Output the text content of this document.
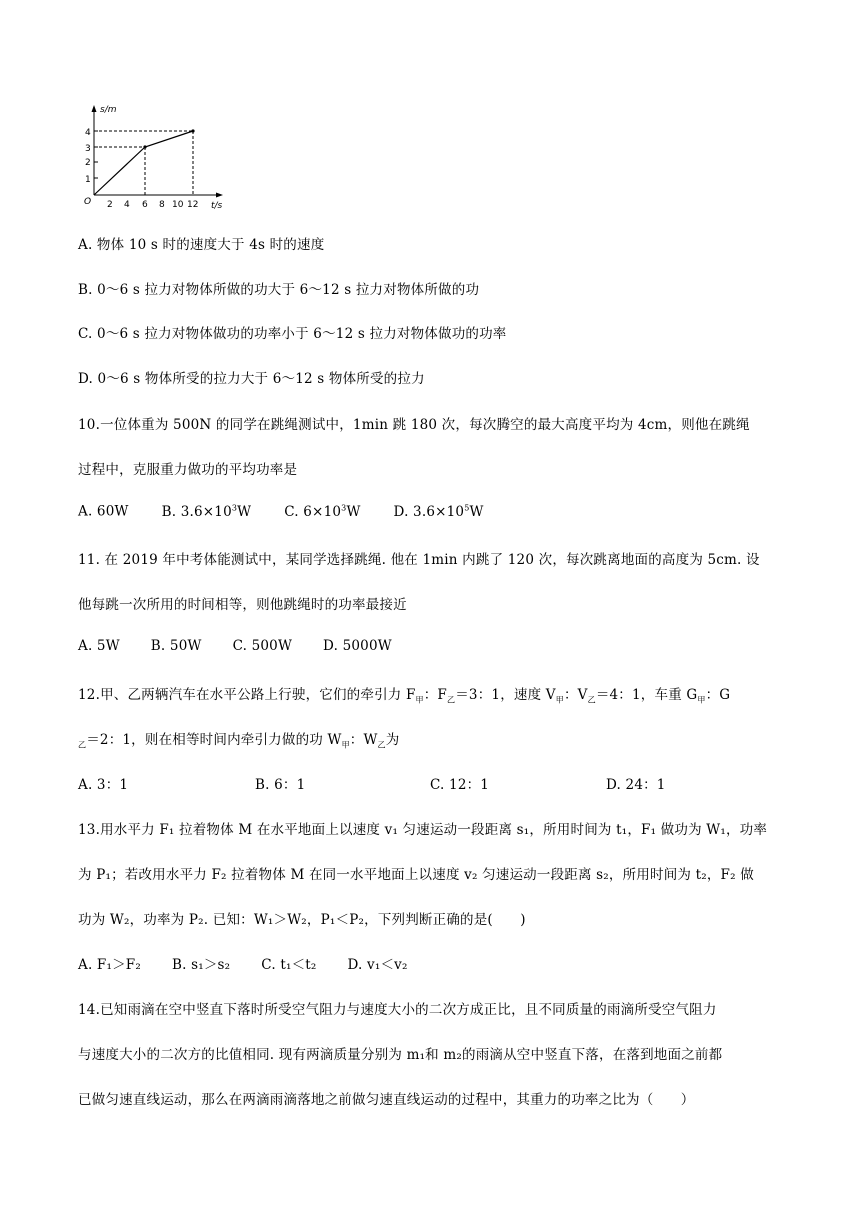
s/m
t/s
O
1
2
3
4
2 4 6 8 10 12
A. 物体 10 s 时的速度大于 4s 时的速度
B. 0～6 s 拉力对物体所做的功大于 6～12 s 拉力对物体所做的功
C. 0～6 s 拉力对物体做功的功率小于 6～12 s 拉力对物体做功的功率
D. 0～6 s 物体所受的拉力大于 6～12 s 物体所受的拉力
10.一位体重为 500N 的同学在跳绳测试中，1min 跳 180 次，每次腾空的最大高度平均为 4cm，则他在跳绳
过程中，克服重力做功的平均功率是
A. 60W B. $3.6\times 10^3W$ C. $6\times 10^3W$ D. $3.6\times 10^5W$
11. 在 2019 年中考体能测试中，某同学选择跳绳. 他在 1min 内跳了 120 次，每次跳离地面的高度为 5cm. 设
他每跳一次所用的时间相等，则他跳绳时的功率最接近
A. 5W B. 50W C. 500W D. 5000W
12.甲、乙两辆汽车在水平公路上行驶，它们的牵引力 $F_甲$：$F_乙=3$：1，速度 $V_甲$：$V_乙=4$：1，车重 $G_甲$：G
$_乙$＝2：1，则在相等时间内牵引力做的功 $W_甲$：$W_乙$为
A. 3：1	B. 6：1	C. 12：1	D. 24：1
13.用水平力 F₁ 拉着物体 M 在水平地面上以速度 v₁ 匀速运动一段距离 s₁，所用时间为 t₁，F₁ 做功为 W₁，功率
为 P₁；若改用水平力 F₂ 拉着物体 M 在同一水平地面上以速度 v₂ 匀速运动一段距离 s₂，所用时间为 t₂，F₂ 做
功为 W₂，功率为 P₂. 已知：W₁＞W₂，P₁＜P₂，下列判断正确的是(　　)
A. F₁＞F₂ B. s₁＞s₂ C. t₁＜t₂ D. v₁＜v₂
14.已知雨滴在空中竖直下落时所受空气阻力与速度大小的二次方成正比，且不同质量的雨滴所受空气阻力
与速度大小的二次方的比值相同. 现有两滴质量分别为 m₁和 m₂的雨滴从空中竖直下落，在落到地面之前都
已做匀速直线运动，那么在两滴雨滴落地之前做匀速直线运动的过程中，其重力的功率之比为（　　）
